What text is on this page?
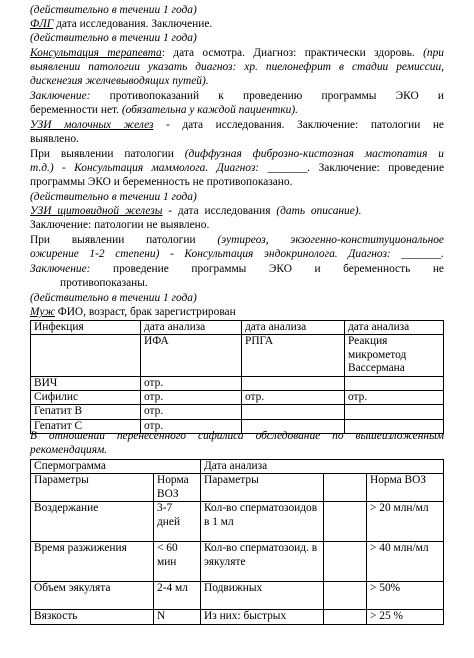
(действительно в течении 1 года)

ФЛГ дата исследования. Заключение.

(действительно в течении 1 года)

Консультация терапевта: дата осмотра. Диагноз: практически здоровь. (при

выявлении патологии указать диагноз: хр. пиелонефрит в стадии ремиссии,

дискенезия желчевыводящих путей).

Заключение: противопоказаний к проведению программы ЭКО и

беременности нет. (обязательна у каждой пациентки).

УЗИ молочных желез - дата исследования. Заключение: патологии не

выявлено.

При выявлении патологии (диффузная фиброзно-кистозная мастопатия и

т.д.) - Консультация маммолога. Диагноз: _______. Заключение: проведение

программы ЭКО и беременность не противопоказано.

(действительно в течении 1 года)

УЗИ щитовидной железы - дата исследования (дать описание).

Заключение: патологии не выявлено.

При выявлении патологии (эутиреоз, экзогенно-конституциональное

ожирение 1-2 степени) - Консультация эндокринолога. Диагноз: _______.

Заключение: проведение программы ЭКО и беременность не

противопоказаны.

(действительно в течении 1 года)

Муж ФИО, возраст, брак зарегистрирован

Инфекция	дата анализа	дата анализа	дата анализа
	ИФА	РПГА	Реакция микрометод Вассермана
ВИЧ	отр.		
Сифилис	отр.	отр.	отр.
Гепатит В	отр.		
Гепатит С	отр.		

В отношении перенесенного сифилиса обследование по вышеизложенным

рекомендациям.

Спермограмма		Дата анализа		
Параметры	Норма ВОЗ	Параметры		Норма ВОЗ
Воздержание	3-7 дней	Кол-во сперматозоидов в 1 мл		> 20 млн/мл
Время разжижения	< 60 мин	Кол-во сперматозоид. в эякуляте		> 40 млн/мл
Объем эякулята	2-4 мл	Подвижных		> 50%
Вязкость	N	Из них: быстрых		> 25 %
